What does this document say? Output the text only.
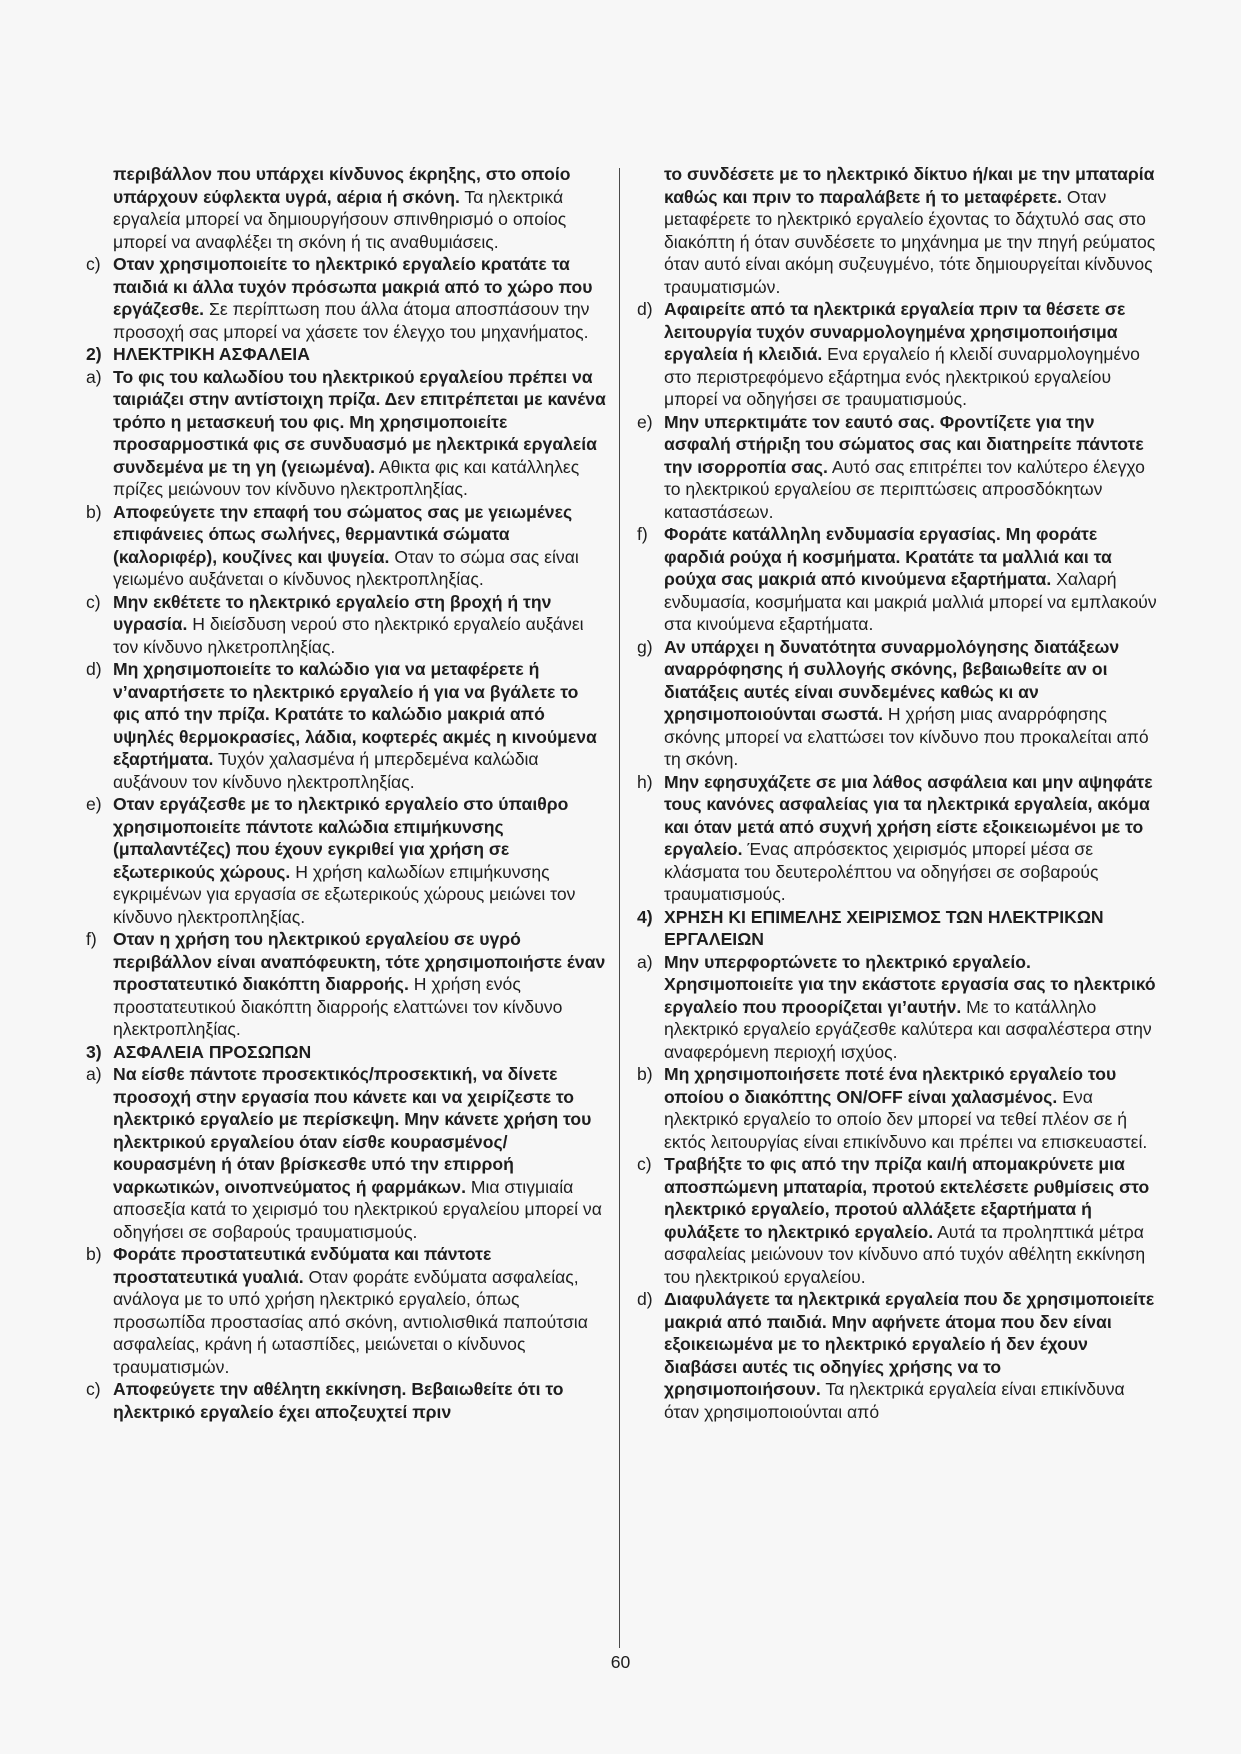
περιβάλλον που υπάρχει κίνδυνος έκρηξης, στο οποίο υπάρχουν εύφλεκτα υγρά, αέρια ή σκόνη. Τα ηλεκτρικά εργαλεία μπορεί να δημιουργήσουν σπινθηρισμό ο οποίος μπορεί να αναφλέξει τη σκόνη ή τις αναθυμιάσεις.

c) Οταν χρησιμοποιείτε το ηλεκτρικό εργαλείο κρατάτε τα παιδιά κι άλλα τυχόν πρόσωπα μακριά από το χώρο που εργάζεσθε. Σε περίπτωση που άλλα άτομα αποσπάσουν την προσοχή σας μπορεί να χάσετε τον έλεγχο του μηχανήματος.

2) ΗΛΕΚΤΡΙΚΗ ΑΣΦΑΛΕΙΑ

a) Το φις του καλωδίου του ηλεκτρικού εργαλείου πρέπει να ταιριάζει στην αντίστοιχη πρίζα. Δεν επιτρέπεται με κανένα τρόπο η μετασκευή του φις. Μη χρησιμοποιείτε προσαρμοστικά φις σε συνδυασμό με ηλεκτρικά εργαλεία συνδεμένα με τη γη (γειωμένα). Αθικτα φις και κατάλληλες πρίζες μειώνουν τον κίνδυνο ηλεκτροπληξίας.

b) Αποφεύγετε την επαφή του σώματος σας με γειωμένες επιφάνειες όπως σωλήνες, θερμαντικά σώματα (καλοριφέρ), κουζίνες και ψυγεία. Οταν το σώμα σας είναι γειωμένο αυξάνεται ο κίνδυνος ηλεκτροπληξίας.

c) Μην εκθέτετε το ηλεκτρικό εργαλείο στη βροχή ή την υγρασία. Η διείσδυση νερού στο ηλεκτρικό εργαλείο αυξάνει τον κίνδυνο ηλκετροπληξίας.

d) Μη χρησιμοποιείτε το καλώδιο για να μεταφέρετε ή ν’αναρτήσετε το ηλεκτρικό εργαλείο ή για να βγάλετε το φις από την πρίζα. Κρατάτε το καλώδιο μακριά από υψηλές θερμοκρασίες, λάδια, κοφτερές ακμές η κινούμενα εξαρτήματα. Τυχόν χαλασμένα ή μπερδεμένα καλώδια αυξάνουν τον κίνδυνο ηλεκτροπληξίας.

e) Οταν εργάζεσθε με το ηλεκτρικό εργαλείο στο ύπαιθρο χρησιμοποιείτε πάντοτε καλώδια επιμήκυνσης (μπαλαντέζες) που έχουν εγκριθεί για χρήση σε εξωτερικούς χώρους. Η χρήση καλωδίων επιμήκυνσης εγκριμένων για εργασία σε εξωτερικούς χώρους μειώνει τον κίνδυνο ηλεκτροπληξίας.

f) Οταν η χρήση του ηλεκτρικού εργαλείου σε υγρό περιβάλλον είναι αναπόφευκτη, τότε χρησιμοποιήστε έναν προστατευτικό διακόπτη διαρροής. Η χρήση ενός προστατευτικού διακόπτη διαρροής ελαττώνει τον κίνδυνο ηλεκτροπληξίας.

3) ΑΣΦΑΛΕΙΑ ΠΡΟΣΩΠΩΝ

a) Να είσθε πάντοτε προσεκτικός/προσεκτική, να δίνετε προσοχή στην εργασία που κάνετε και να χειρίζεστε το ηλεκτρικό εργαλείο με περίσκεψη. Μην κάνετε χρήση του ηλεκτρικού εργαλείου όταν είσθε κουρασμένος/κουρασμένη ή όταν βρίσκεσθε υπό την επιρροή ναρκωτικών, οινοπνεύματος ή φαρμάκων. Μια στιγμιαία αποσεξία κατά το χειρισμό του ηλεκτρικού εργαλείου μπορεί να οδηγήσει σε σοβαρούς τραυματισμούς.

b) Φοράτε προστατευτικά ενδύματα και πάντοτε προστατευτικά γυαλιά. Οταν φοράτε ενδύματα ασφαλείας, ανάλογα με το υπό χρήση ηλεκτρικό εργαλείο, όπως προσωπίδα προστασίας από σκόνη, αντιολισθικά παπούτσια ασφαλείας, κράνη ή ωτασπίδες, μειώνεται ο κίνδυνος τραυματισμών.

c) Αποφεύγετε την αθέλητη εκκίνηση. Βεβαιωθείτε ότι το ηλεκτρικό εργαλείο έχει αποζευχτεί πριν

το συνδέσετε με το ηλεκτρικό δίκτυο ή/και με την μπαταρία καθώς και πριν το παραλάβετε ή το μεταφέρετε. Οταν μεταφέρετε το ηλεκτρικό εργαλείο έχοντας το δάχτυλό σας στο διακόπτη ή όταν συνδέσετε το μηχάνημα με την πηγή ρεύματος όταν αυτό είναι ακόμη συζευγμένο, τότε δημιουργείται κίνδυνος τραυματισμών.

d) Αφαιρείτε από τα ηλεκτρικά εργαλεία πριν τα θέσετε σε λειτουργία τυχόν συναρμολογημένα χρησιμοποιήσιμα εργαλεία ή κλειδιά. Ενα εργαλείο ή κλειδί συναρμολογημένο στο περιστρεφόμενο εξάρτημα ενός ηλεκτρικού εργαλείου μπορεί να οδηγήσει σε τραυματισμούς.

e) Μην υπερκτιμάτε τον εαυτό σας. Φροντίζετε για την ασφαλή στήριξη του σώματος σας και διατηρείτε πάντοτε την ισορροπία σας. Αυτό σας επιτρέπει τον καλύτερο έλεγχο το ηλεκτρικού εργαλείου σε περιπτώσεις απροσδόκητων καταστάσεων.

f) Φοράτε κατάλληλη ενδυμασία εργασίας. Μη φοράτε φαρδιά ρούχα ή κοσμήματα. Κρατάτε τα μαλλιά και τα ρούχα σας μακριά από κινούμενα εξαρτήματα. Χαλαρή ενδυμασία, κοσμήματα και μακριά μαλλιά μπορεί να εμπλακούν στα κινούμενα εξαρτήματα.

g) Αν υπάρχει η δυνατότητα συναρμολόγησης διατάξεων αναρρόφησης ή συλλογής σκόνης, βεβαιωθείτε αν οι διατάξεις αυτές είναι συνδεμένες καθώς κι αν χρησιμοποιούνται σωστά. Η χρήση μιας αναρρόφησης σκόνης μπορεί να ελαττώσει τον κίνδυνο που προκαλείται από τη σκόνη.

h) Μην εφησυχάζετε σε μια λάθος ασφάλεια και μην αψηφάτε τους κανόνες ασφαλείας για τα ηλεκτρικά εργαλεία, ακόμα και όταν μετά από συχνή χρήση είστε εξοικειωμένοι με το εργαλείο. Ένας απρόσεκτος χειρισμός μπορεί μέσα σε κλάσματα του δευτερολέπτου να οδηγήσει σε σοβαρούς τραυματισμούς.

4) ΧΡΗΣΗ ΚΙ ΕΠΙΜΕΛΗΣ ΧΕΙΡΙΣΜΟΣ ΤΩΝ ΗΛΕΚΤΡΙΚΩΝ ΕΡΓΑΛΕΙΩΝ

a) Μην υπερφορτώνετε το ηλεκτρικό εργαλείο. Χρησιμοποιείτε για την εκάστοτε εργασία σας το ηλεκτρικό εργαλείο που προορίζεται γι’αυτήν. Με το κατάλληλο ηλεκτρικό εργαλείο εργάζεσθε καλύτερα και ασφαλέστερα στην αναφερόμενη περιοχή ισχύος.

b) Μη χρησιμοποιήσετε ποτέ ένα ηλεκτρικό εργαλείο του οποίου ο διακόπτης ON/OFF είναι χαλασμένος. Ενα ηλεκτρικό εργαλείο το οποίο δεν μπορεί να τεθεί πλέον σε ή εκτός λειτουργίας είναι επικίνδυνο και πρέπει να επισκευαστεί.

c) Τραβήξτε το φις από την πρίζα και/ή απομακρύνετε μια αποσπώμενη μπαταρία, προτού εκτελέσετε ρυθμίσεις στο ηλεκτρικό εργαλείο, προτού αλλάξετε εξαρτήματα ή φυλάξετε το ηλεκτρικό εργαλείο. Αυτά τα προληπτικά μέτρα ασφαλείας μειώνουν τον κίνδυνο από τυχόν αθέλητη εκκίνηση του ηλεκτρικού εργαλείου.

d) Διαφυλάγετε τα ηλεκτρικά εργαλεία που δε χρησιμοποιείτε μακριά από παιδιά. Μην αφήνετε άτομα που δεν είναι εξοικειωμένα με το ηλεκτρικό εργαλείο ή δεν έχουν διαβάσει αυτές τις οδηγίες χρήσης να το χρησιμοποιήσουν. Τα ηλεκτρικά εργαλεία είναι επικίνδυνα όταν χρησιμοποιούνται από

60
